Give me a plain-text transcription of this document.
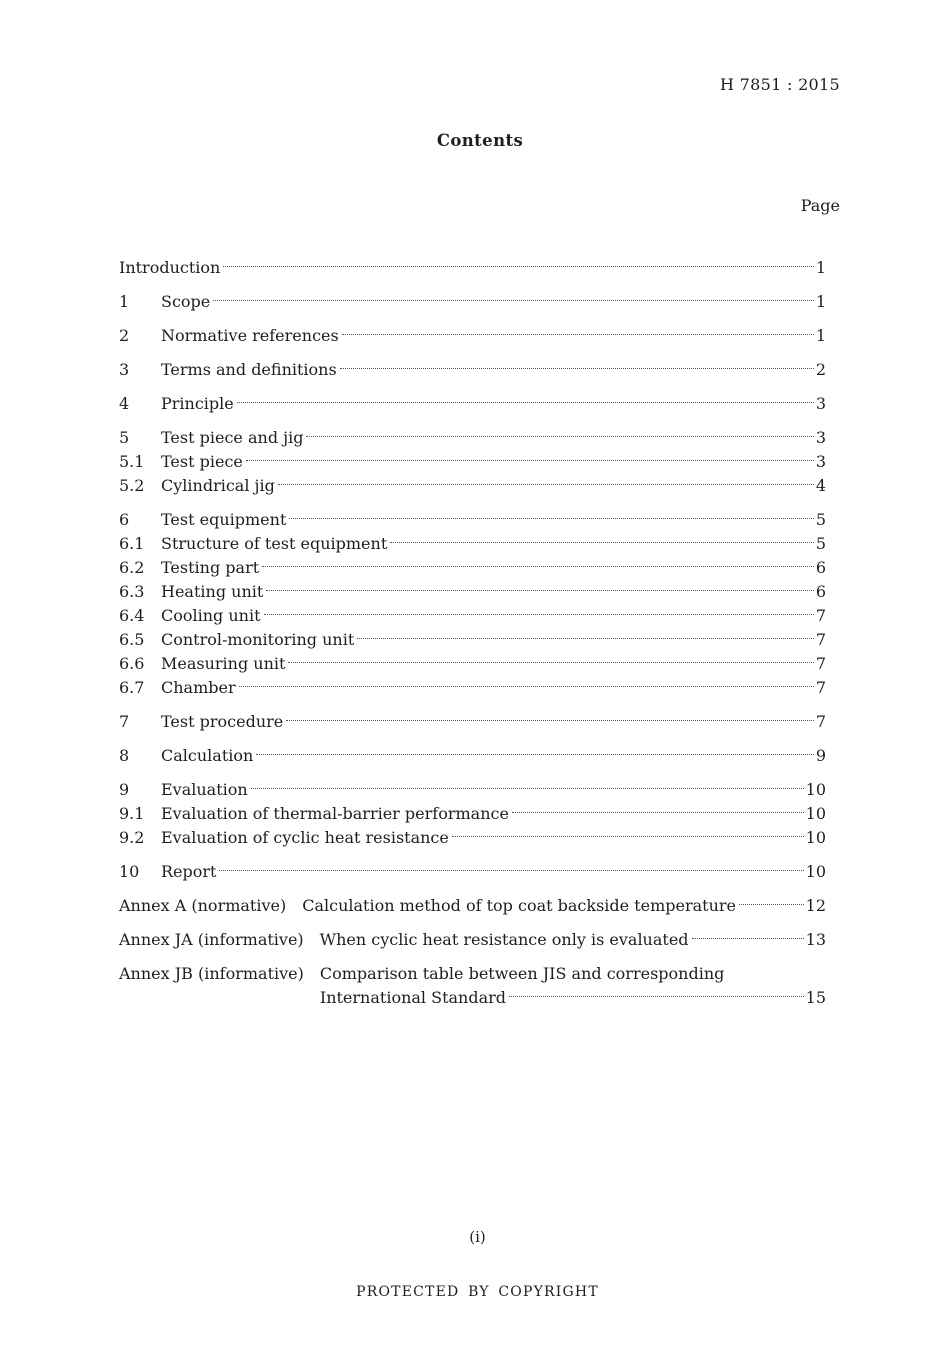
H 7851 : 2015
Contents
Page
Introduction	1
1	Scope	1
2	Normative references	1
3	Terms and definitions	2
4	Principle	3
5	Test piece and jig	3
5.1	Test piece	3
5.2	Cylindrical jig	4
6	Test equipment	5
6.1	Structure of test equipment	5
6.2	Testing part	6
6.3	Heating unit	6
6.4	Cooling unit	7
6.5	Control-monitoring unit	7
6.6	Measuring unit	7
6.7	Chamber	7
7	Test procedure	7
8	Calculation	9
9	Evaluation	10
9.1	Evaluation of thermal-barrier performance	10
9.2	Evaluation of cyclic heat resistance	10
10	Report	10
Annex A (normative) Calculation method of top coat backside temperature	12
Annex JA (informative) When cyclic heat resistance only is evaluated	13
Annex JB (informative) Comparison table between JIS and corresponding
International Standard	15
(i)
PROTECTED BY COPYRIGHT
